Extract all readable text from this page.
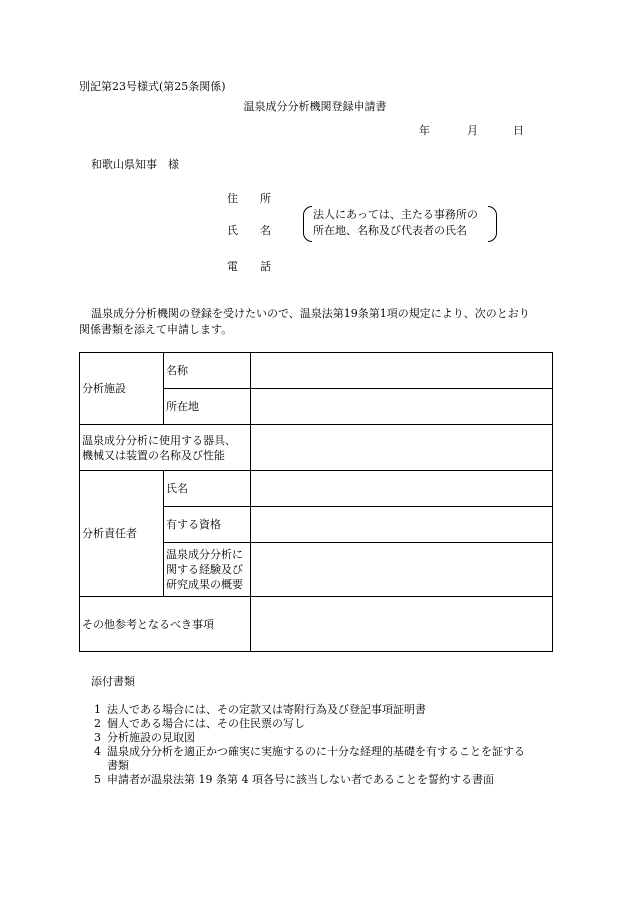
別記第23号様式(第25条関係)
温泉成分分析機関登録申請書
年	月	日
和歌山県知事　様
住　　所
氏　　名
電　　話
法人にあっては、主たる事務所の
所在地、名称及び代表者の氏名
温泉成分分析機関の登録を受けたいので、温泉法第19条第1項の規定により、次のとおり
関係書類を添えて申請します。
分析施設	名称	
	所在地	

温泉成分分析に使用する器具、
機械又は装置の名称及び性能		

分析責任者	氏名	
	有する資格	

	温泉成分分析に
関する経験及び
研究成果の概要	

その他参考となるべき事項		
添付書類
1 法人である場合には、その定款又は寄附行為及び登記事項証明書
2 個人である場合には、その住民票の写し
3 分析施設の見取図
4 温泉成分分析を適正かつ確実に実施するのに十分な経理的基礎を有することを証する書類
5 申請者が温泉法第 19 条第 4 項各号に該当しない者であることを誓約する書面
